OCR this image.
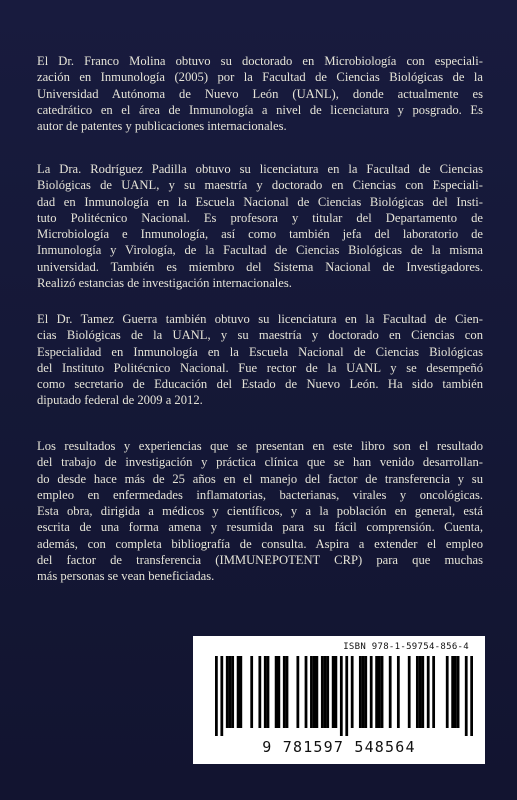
El Dr. Franco Molina obtuvo su doctorado en Microbiología con especiali-
zación en Inmunología (2005) por la Facultad de Ciencias Biológicas de la
Universidad Autónoma de Nuevo León (UANL), donde actualmente es
catedrático en el área de Inmunología a nivel de licenciatura y posgrado. Es
autor de patentes y publicaciones internacionales.
La Dra. Rodríguez Padilla obtuvo su licenciatura en la Facultad de Ciencias
Biológicas de UANL, y su maestría y doctorado en Ciencias con Especiali-
dad en Inmunología en la Escuela Nacional de Ciencias Biológicas del Insti-
tuto Politécnico Nacional. Es profesora y titular del Departamento de
Microbiología e Inmunología, así como también jefa del laboratorio de
Inmunología y Virología, de la Facultad de Ciencias Biológicas de la misma
universidad. También es miembro del Sistema Nacional de Investigadores.
Realizó estancias de investigación internacionales.
El Dr. Tamez Guerra también obtuvo su licenciatura en la Facultad de Cien-
cias Biológicas de la UANL, y su maestría y doctorado en Ciencias con
Especialidad en Inmunología en la Escuela Nacional de Ciencias Biológicas
del Instituto Politécnico Nacional. Fue rector de la UANL y se desempeñó
como secretario de Educación del Estado de Nuevo León. Ha sido también
diputado federal de 2009 a 2012.
Los resultados y experiencias que se presentan en este libro son el resultado
del trabajo de investigación y práctica clínica que se han venido desarrollan-
do desde hace más de 25 años en el manejo del factor de transferencia y su
empleo en enfermedades inflamatorias, bacterianas, virales y oncológicas.
Esta obra, dirigida a médicos y científicos, y a la población en general, está
escrita de una forma amena y resumida para su fácil comprensión. Cuenta,
además, con completa bibliografía de consulta. Aspira a extender el empleo
del factor de transferencia (IMMUNEPOTENT CRP) para que muchas
más personas se vean beneficiadas.
ISBN 978-1-59754-856-4
9 781597 548564
